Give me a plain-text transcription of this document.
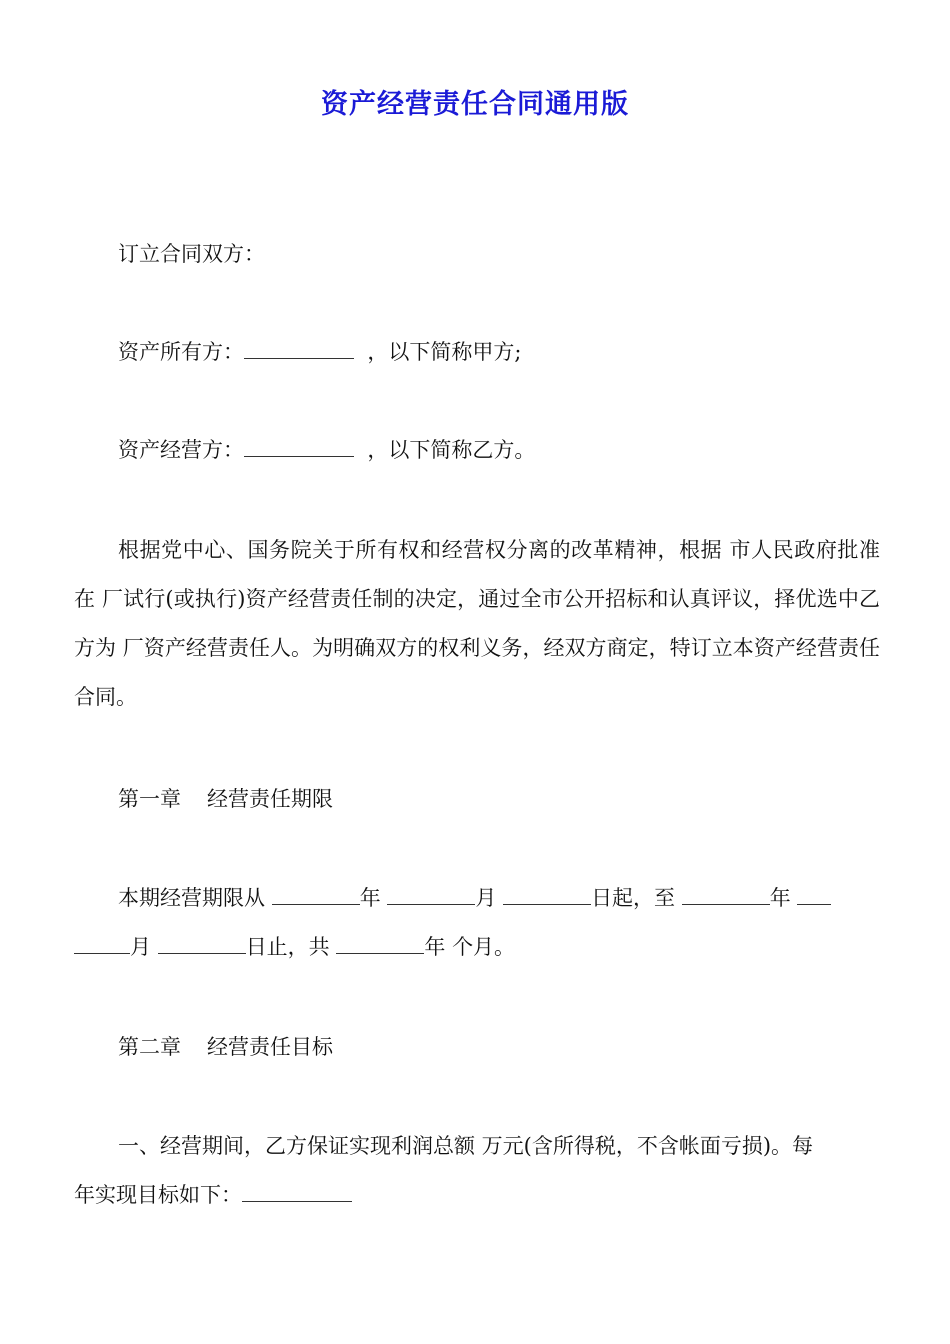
资产经营责任合同通用版
订立合同双方：
资产所有方：	，以下简称甲方;
资产经营方：	，以下简称乙方。
根据党中心、国务院关于所有权和经营权分离的改革精神，根据 市人民政府批准在 厂试行(或执行)资产经营责任制的决定，通过全市公开招标和认真评议，择优选中乙方为 厂资产经营责任人。为明确双方的权利义务，经双方商定，特订立本资产经营责任合同。
第一章 经营责任期限
本期经营期限从	年	月	日起，至	年
月	日止，共	年 个月。
第二章 经营责任目标
一、经营期间，乙方保证实现利润总额 万元(含所得税，不含帐面亏损)。每
年实现目标如下：
